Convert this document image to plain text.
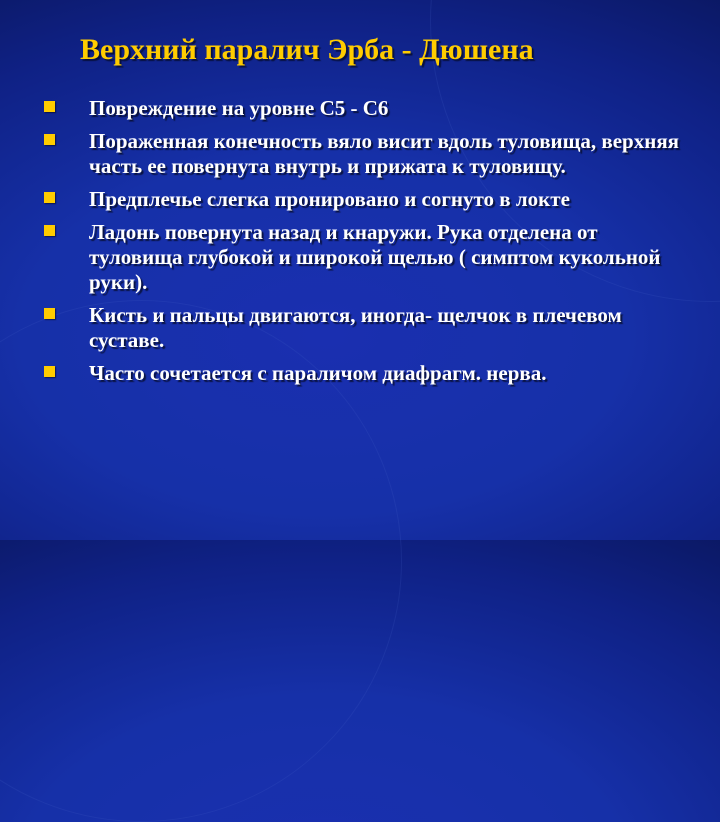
Верхний паралич Эрба - Дюшена
Повреждение на уровне С5 - С6
Пораженная конечность вяло висит вдоль туловища, верхняя часть ее повернута внутрь и прижата к туловищу.
Предплечье слегка пронировано и согнуто в локте
Ладонь повернута назад и кнаружи. Рука отделена от туловища глубокой и широкой щелью ( симптом кукольной руки).
Кисть и пальцы двигаются, иногда- щелчок в плечевом суставе.
Часто сочетается с параличом диафрагм. нерва.
